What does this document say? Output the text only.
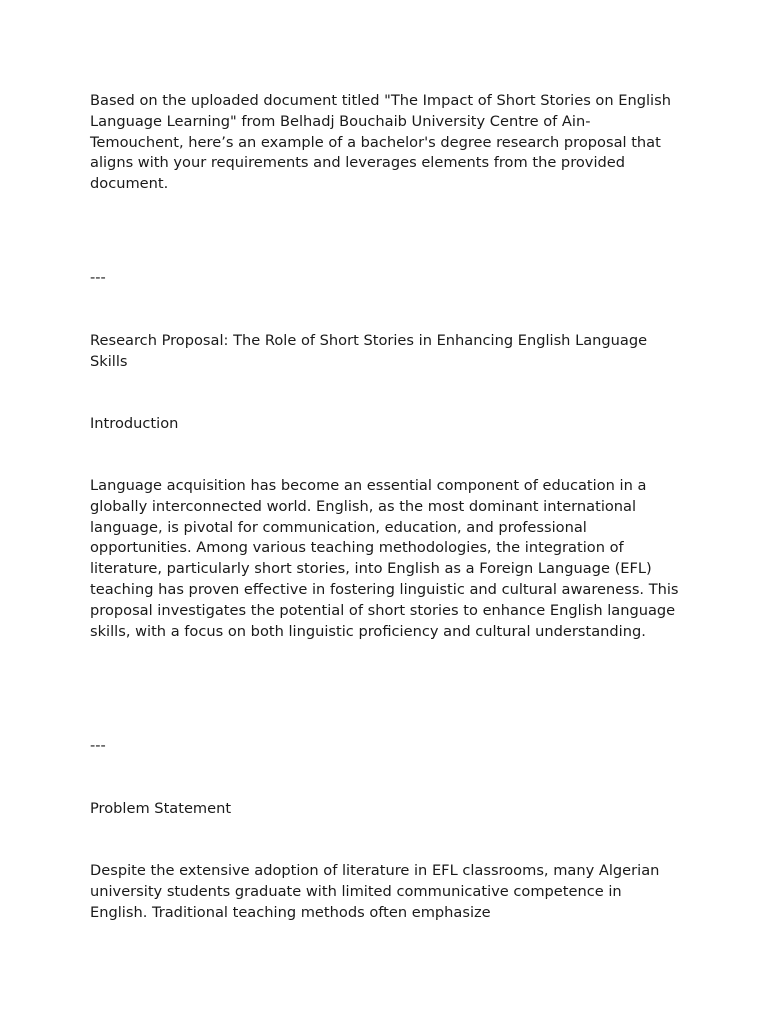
Based on the uploaded document titled "The Impact of Short Stories on English Language Learning" from Belhadj Bouchaib University Centre of Ain-Temouchent, here’s an example of a bachelor's degree research proposal that aligns with your requirements and leverages elements from the provided document.

---

Research Proposal: The Role of Short Stories in Enhancing English Language Skills

Introduction

Language acquisition has become an essential component of education in a globally interconnected world. English, as the most dominant international language, is pivotal for communication, education, and professional opportunities. Among various teaching methodologies, the integration of literature, particularly short stories, into English as a Foreign Language (EFL) teaching has proven effective in fostering linguistic and cultural awareness. This proposal investigates the potential of short stories to enhance English language skills, with a focus on both linguistic proficiency and cultural understanding.

---

Problem Statement

Despite the extensive adoption of literature in EFL classrooms, many Algerian university students graduate with limited communicative competence in English. Traditional teaching methods often emphasize
